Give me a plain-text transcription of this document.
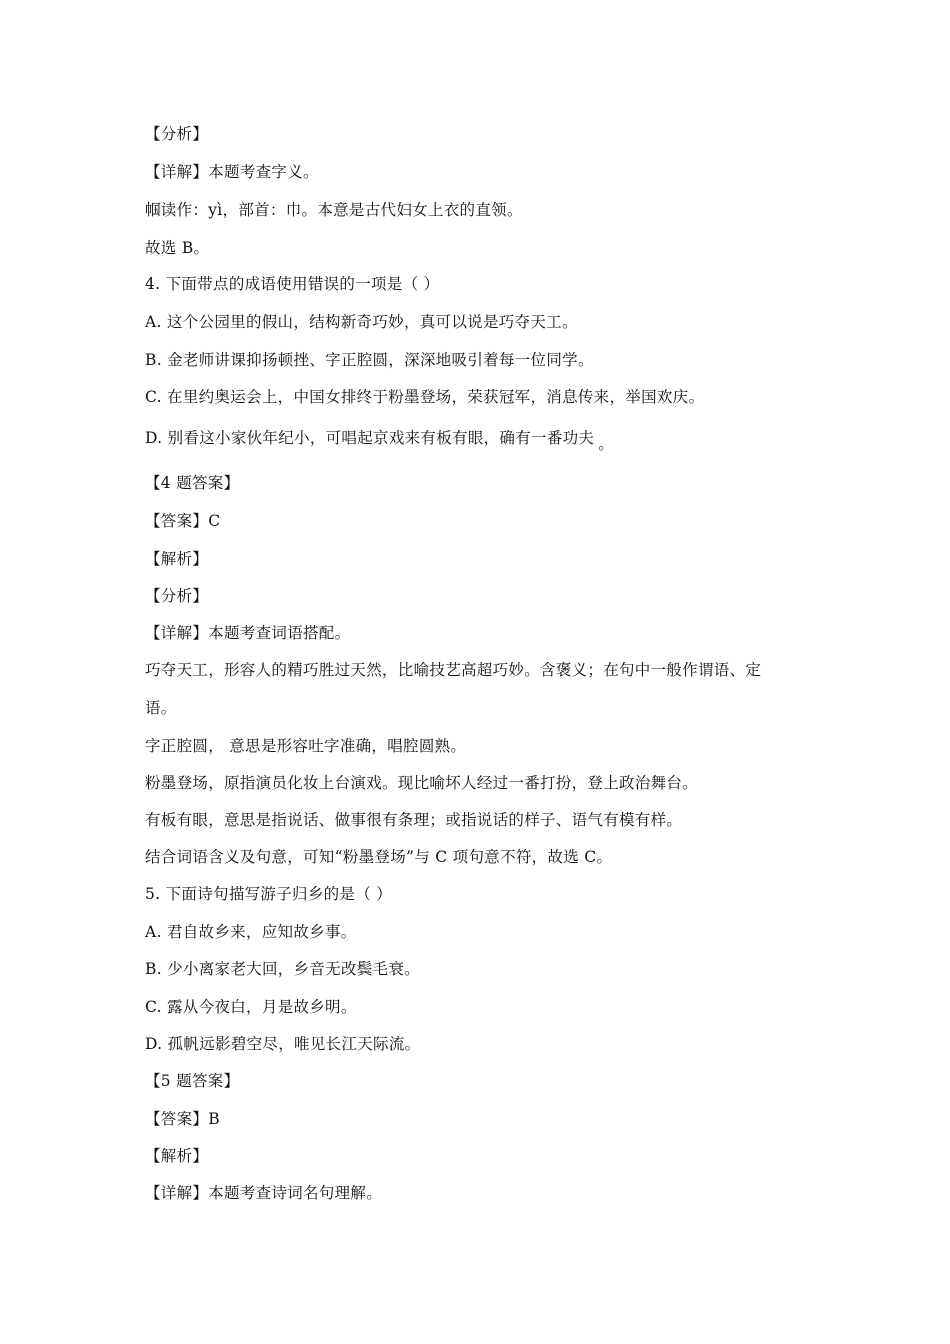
【分析】
【详解】本题考查字义。
帼读作：yì，部首：巾。本意是古代妇女上衣的直领。
故选 B。
4. 下面带点的成语使用错误的一项是（ ）
A. 这个公园里的假山，结构新奇巧妙，真可以说是巧夺天工。
B. 金老师讲课抑扬顿挫、字正腔圆，深深地吸引着每一位同学。
C. 在里约奥运会上，中国女排终于粉墨登场，荣获冠军，消息传来，举国欢庆。
D. 别看这小家伙年纪小，可唱起京戏来有板有眼，确有一番功夫 。
【4 题答案】
【答案】C
【解析】
【分析】
【详解】本题考查词语搭配。
巧夺天工，形容人的精巧胜过天然，比喻技艺高超巧妙。含褒义；在句中一般作谓语、定
语。
字正腔圆， 意思是形容吐字准确，唱腔圆熟。
粉墨登场，原指演员化妆上台演戏。现比喻坏人经过一番打扮，登上政治舞台。
有板有眼，意思是指说话、做事很有条理；或指说话的样子、语气有模有样。
结合词语含义及句意，可知“粉墨登场”与 C 项句意不符，故选 C。
5. 下面诗句描写游子归乡的是（ ）
A. 君自故乡来，应知故乡事。
B. 少小离家老大回，乡音无改鬓毛衰。
C. 露从今夜白，月是故乡明。
D. 孤帆远影碧空尽，唯见长江天际流。
【5 题答案】
【答案】B
【解析】
【详解】本题考查诗词名句理解。
